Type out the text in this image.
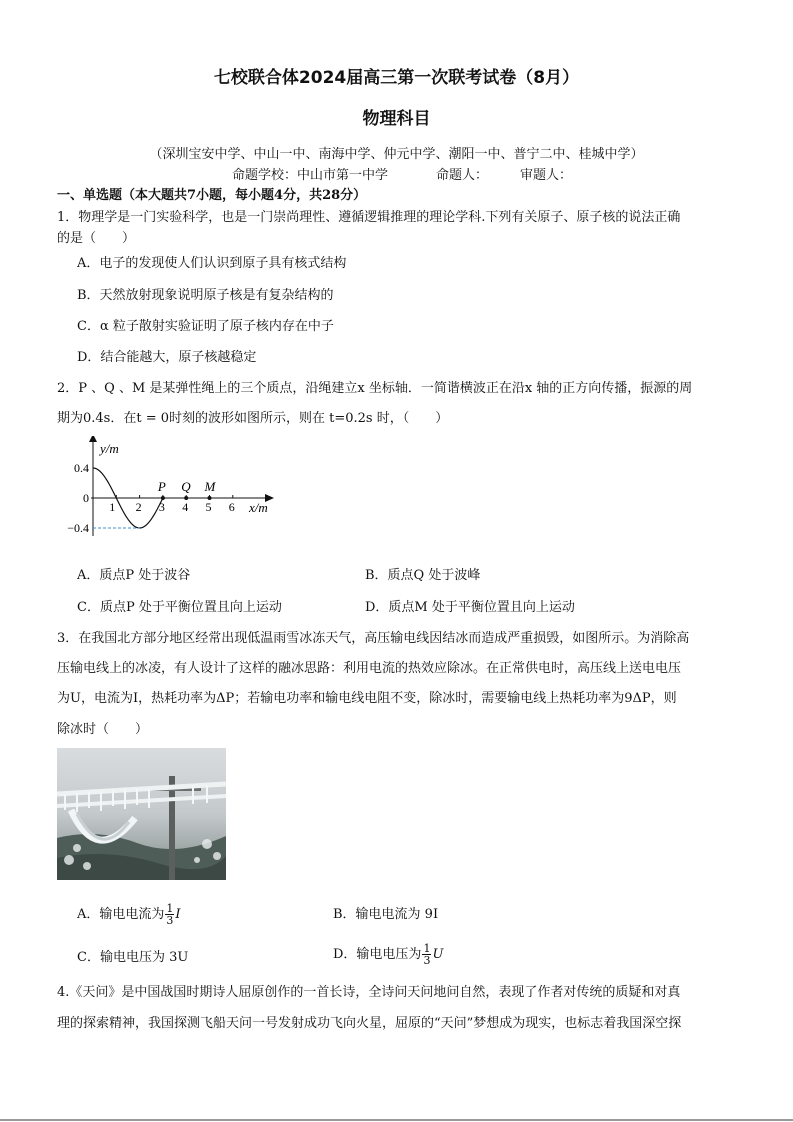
七校联合体2024届高三第一次联考试卷（8月）
物理科目
（深圳宝安中学、中山一中、南海中学、仲元中学、潮阳一中、普宁二中、桂城中学）
命题学校：中山市第一中学	命题人： 审题人：
一、单选题（本大题共7小题，每小题4分，共28分）
1．物理学是一门实验科学，也是一门崇尚理性、遵循逻辑推理的理论学科.下列有关原子、原子核的说法正确
的是（　　）
A．电子的发现使人们认识到原子具有核式结构
B．天然放射现象说明原子核是有复杂结构的
C．α 粒子散射实验证明了原子核内存在中子
D．结合能越大，原子核越稳定
2．P 、Q 、M 是某弹性绳上的三个质点，沿绳建立x 坐标轴．一简谐横波正在沿x 轴的正方向传播，振源的周
期为0.4s．在t = 0时刻的波形如图所示，则在 t=0.2s 时，（　　）
y/m
x/m
1 2 3 4 5 6
0.4
0
−0.4
P Q M
A．质点P 处于波谷	B．质点Q 处于波峰
C．质点P 处于平衡位置且向上运动	D．质点M 处于平衡位置且向上运动
3．在我国北方部分地区经常出现低温雨雪冰冻天气，高压输电线因结冰而造成严重损毁，如图所示。为消除高
压输电线上的冰凌，有人设计了这样的融冰思路：利用电流的热效应除冰。在正常供电时，高压线上送电电压
为U，电流为I，热耗功率为ΔP；若输电功率和输电线电阻不变，除冰时，需要输电线上热耗功率为9ΔP，则
除冰时（　　）
A．输电电流为 $\frac{1}{3}$ I	B．输电电流为 9I
C．输电电压为 3U	D．输电电压为 $\frac{1}{3}$ U
4.《天问》是中国战国时期诗人屈原创作的一首长诗，全诗问天问地问自然，表现了作者对传统的质疑和对真
理的探索精神，我国探测飞船天问一号发射成功飞向火星，屈原的“天问”梦想成为现实，也标志着我国深空探
